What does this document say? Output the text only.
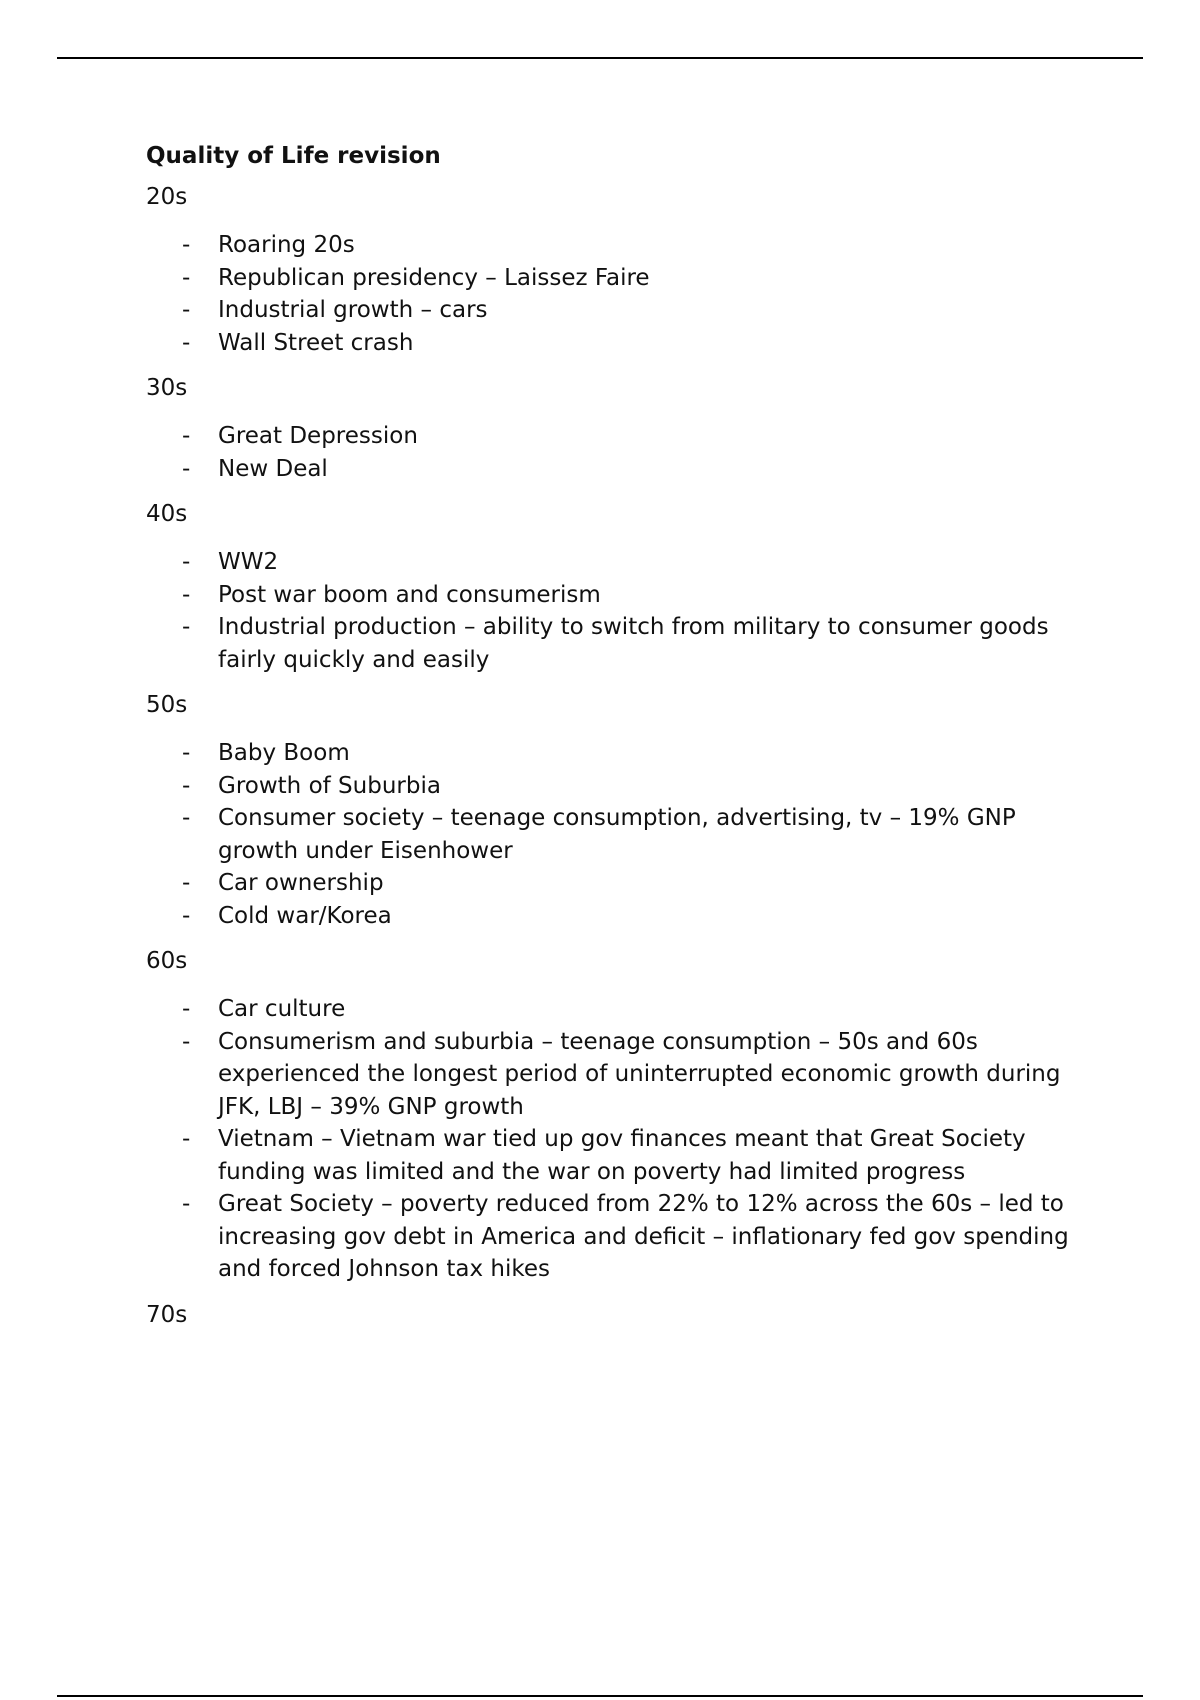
Quality of Life revision
20s
- Roaring 20s
- Republican presidency – Laissez Faire
- Industrial growth – cars
- Wall Street crash
30s
- Great Depression
- New Deal
40s
- WW2
- Post war boom and consumerism
- Industrial production – ability to switch from military to consumer goods fairly quickly and easily
50s
- Baby Boom
- Growth of Suburbia
- Consumer society – teenage consumption, advertising, tv – 19% GNP growth under Eisenhower
- Car ownership
- Cold war/Korea
60s
- Car culture
- Consumerism and suburbia – teenage consumption – 50s and 60s experienced the longest period of uninterrupted economic growth during JFK, LBJ – 39% GNP growth
- Vietnam – Vietnam war tied up gov finances meant that Great Society funding was limited and the war on poverty had limited progress
- Great Society – poverty reduced from 22% to 12% across the 60s – led to increasing gov debt in America and deficit – inflationary fed gov spending and forced Johnson tax hikes
70s
